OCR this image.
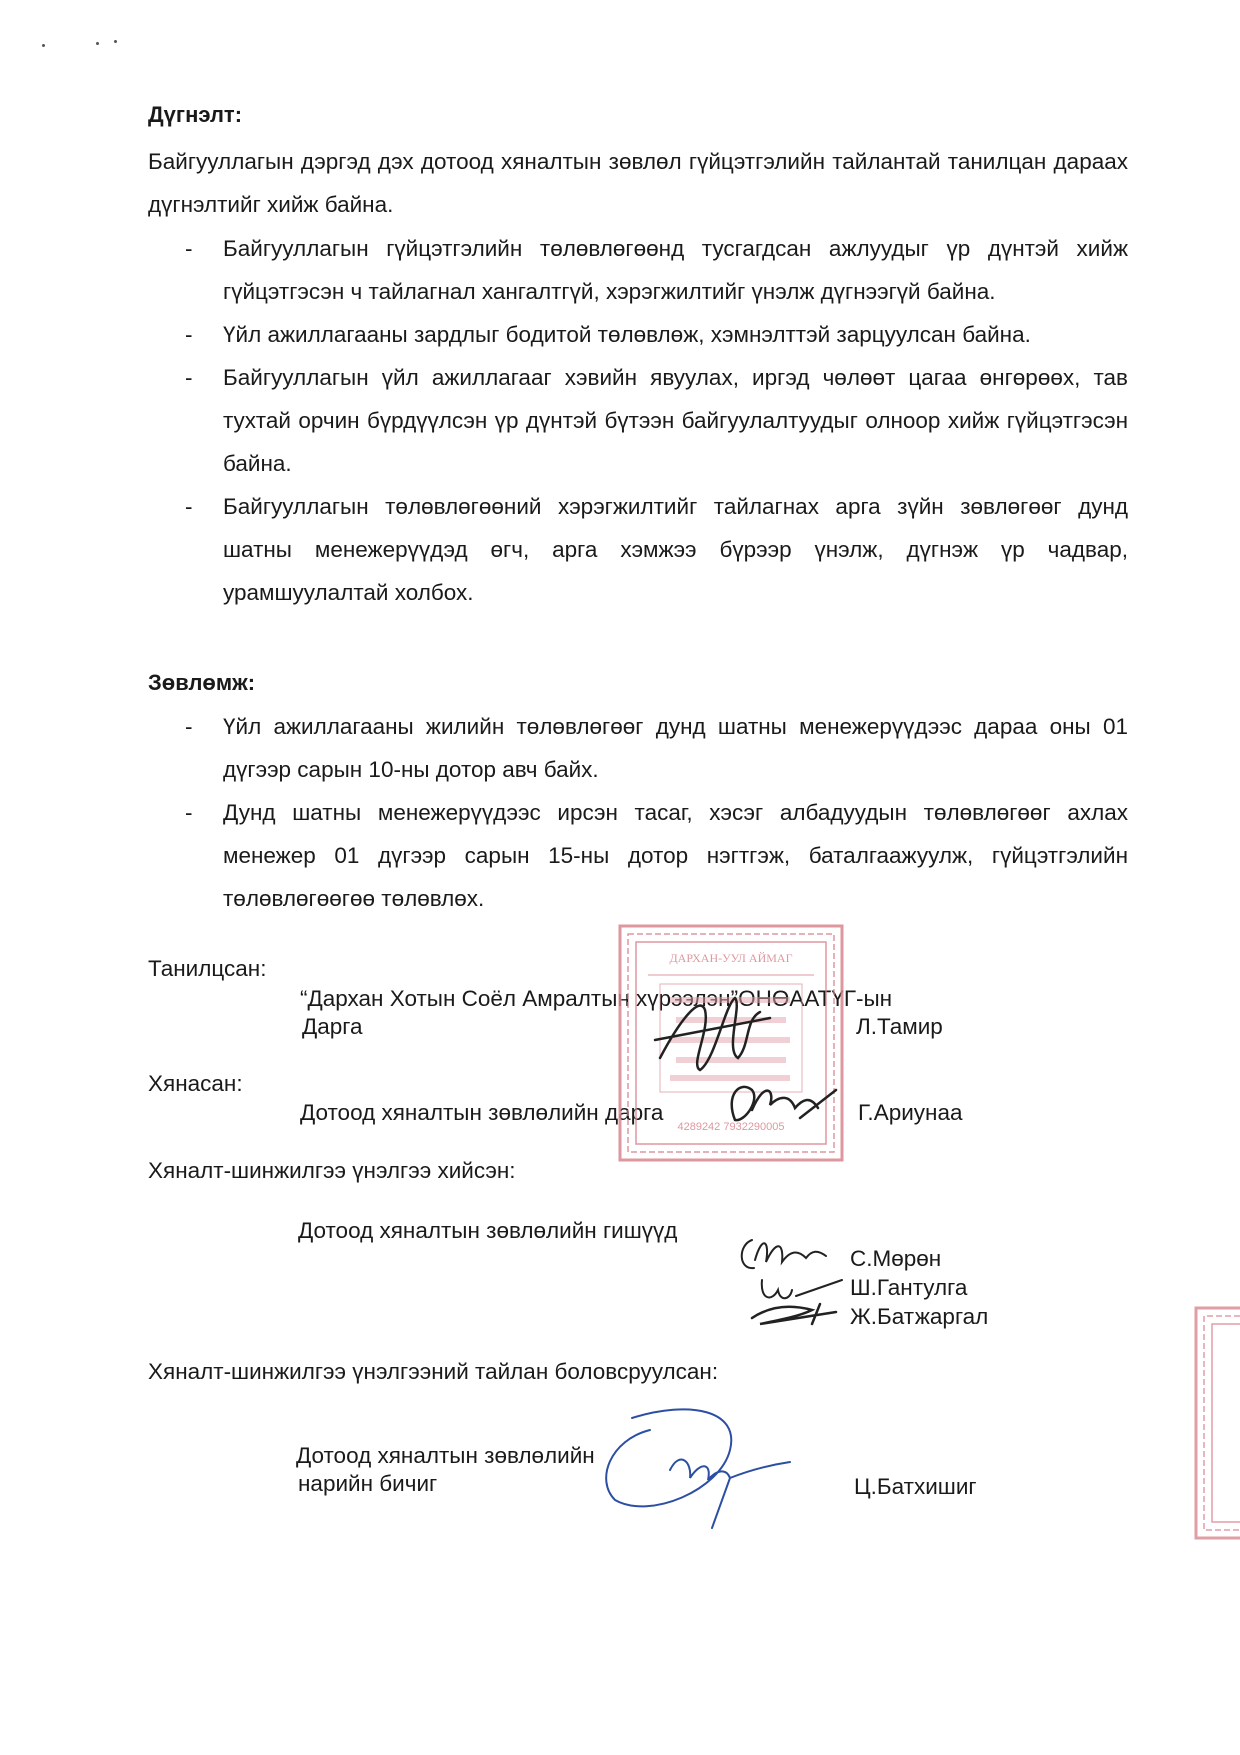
Дүгнэлт:
Байгууллагын дэргэд дэх дотоод хяналтын зөвлөл гүйцэтгэлийн тайлантай танилцан дараах дүгнэлтийг хийж байна.
- Байгууллагын гүйцэтгэлийн төлөвлөгөөнд тусгагдсан ажлуудыг үр дүнтэй хийж гүйцэтгэсэн ч тайлагнал хангалтгүй, хэрэгжилтийг үнэлж дүгнээгүй байна.
- Үйл ажиллагааны зардлыг бодитой төлөвлөж, хэмнэлттэй зарцуулсан байна.
- Байгууллагын үйл ажиллагааг хэвийн явуулах, иргэд чөлөөт цагаа өнгөрөөх, тав тухтай орчин бүрдүүлсэн үр дүнтэй бүтээн байгуулалтуудыг олноор хийж гүйцэтгэсэн байна.
- Байгууллагын төлөвлөгөөний хэрэгжилтийг тайлагнах арга зүйн зөвлөгөөг дунд шатны менежерүүдэд өгч, арга хэмжээ бүрээр үнэлж, дүгнэж үр чадвар, урамшуулалтай холбох.
Зөвлөмж:
- Үйл ажиллагааны жилийн төлөвлөгөөг дунд шатны менежерүүдээс дараа оны 01 дүгээр сарын 10-ны дотор авч байх.
- Дунд шатны менежерүүдээс ирсэн тасаг, хэсэг албадуудын төлөвлөгөөг ахлах менежер 01 дүгээр сарын 15-ны дотор нэгтгэж, баталгаажуулж, гүйцэтгэлийн төлөвлөгөөгөө төлөвлөх.
Танилцсан:
“Дархан Хотын Соёл Амралтын хүрээлэн”ОНӨААТҮГ-ын
Дарга	Л.Тамир
Хянасан:
Дотоод хяналтын зөвлөлийн дарга	Г.Ариунаа
Хяналт-шинжилгээ үнэлгээ хийсэн:
Дотоод хяналтын зөвлөлийн гишүүд
С.Мөрөн
Ш.Гантулга
Ж.Батжаргал
Хяналт-шинжилгээ үнэлгээний тайлан боловсруулсан:
Дотоод хяналтын зөвлөлийн
нарийн бичиг	Ц.Батхишиг
ДАРХАН-УУЛ АЙМАГ
4289242 7932290005
